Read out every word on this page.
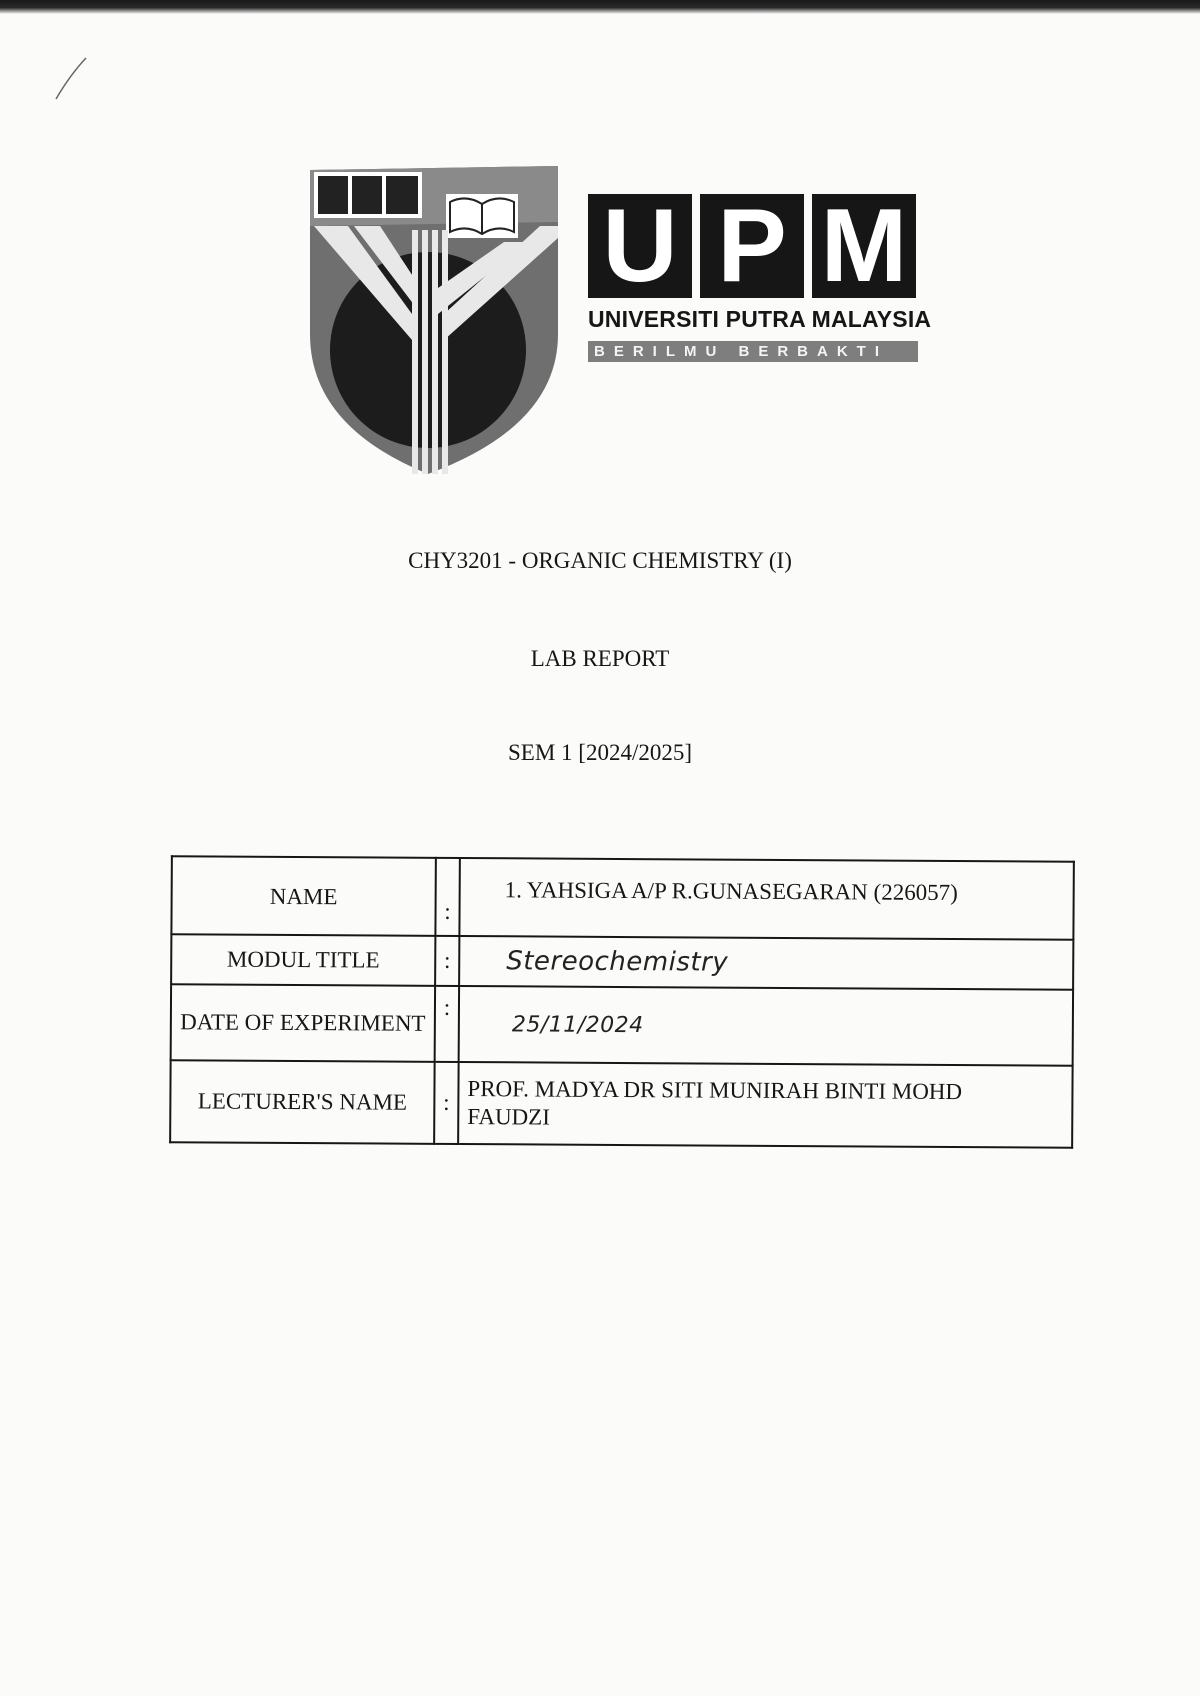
U P M
UNIVERSITI PUTRA MALAYSIA
BERILMU BERBAKTI
CHY3201 - ORGANIC CHEMISTRY (I)
LAB REPORT
SEM 1 [2024/2025]
NAME	:	1. YAHSIGA A/P R.GUNASEGARAN (226057)
MODUL TITLE	:	Stereochemistry
DATE OF EXPERIMENT	:	25/11/2024
LECTURER'S NAME	:	PROF. MADYA DR SITI MUNIRAH BINTI MOHD FAUDZI
